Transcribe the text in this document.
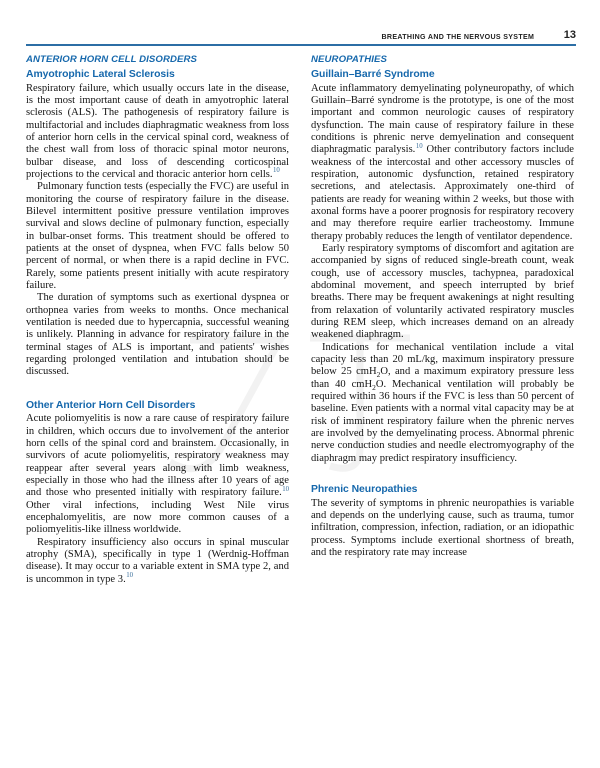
BREATHING AND THE NERVOUS SYSTEM	13
ANTERIOR HORN CELL DISORDERS
Amyotrophic Lateral Sclerosis

Respiratory failure, which usually occurs late in the disease, is the most important cause of death in amyotrophic lateral sclerosis (ALS). The pathogenesis of respiratory failure is multifactorial and includes diaphragmatic weakness from loss of anterior horn cells in the cervical spinal cord, weakness of the chest wall from loss of thoracic spinal motor neurons, bulbar disease, and loss of descending corticospinal projections to the cervical and thoracic anterior horn cells.$^{10}$

Pulmonary function tests (especially the FVC) are useful in monitoring the course of respiratory failure in the disease. Bilevel intermittent positive pressure ventilation improves survival and slows decline of pulmonary function, especially in bulbar-onset forms. This treatment should be offered to patients at the onset of dyspnea, when FVC falls below 50 percent of normal, or when there is a rapid decline in FVC. Rarely, some patients present initially with acute respiratory failure.

The duration of symptoms such as exertional dyspnea or orthopnea varies from weeks to months. Once mechanical ventilation is needed due to hypercapnia, successful weaning is unlikely. Planning in advance for respiratory failure in the terminal stages of ALS is important, and patients' wishes regarding prolonged ventilation and intubation should be discussed.

Other Anterior Horn Cell Disorders

Acute poliomyelitis is now a rare cause of respiratory failure in children, which occurs due to involvement of the anterior horn cells of the spinal cord and brainstem. Occasionally, in survivors of acute poliomyelitis, respiratory weakness may reappear after several years along with limb weakness, especially in those who had the illness after 10 years of age and those who presented initially with respiratory failure.$^{10}$ Other viral infections, including West Nile virus encephalomyelitis, are now more common causes of a poliomyelitis-like illness worldwide.

Respiratory insufficiency also occurs in spinal muscular atrophy (SMA), specifically in type 1 (Werdnig-Hoffman disease). It may occur to a variable extent in SMA type 2, and is uncommon in type 3.10

NEUROPATHIES
Guillain–Barré Syndrome

Acute inflammatory demyelinating polyneuropathy, of which Guillain–Barré syndrome is the prototype, is one of the most important and common neurologic causes of respiratory dysfunction. The main cause of respiratory failure in these conditions is phrenic nerve demyelination and consequent diaphragmatic paralysis.$^{10}$ Other contributory factors include weakness of the intercostal and other accessory muscles of respiration, autonomic dysfunction, retained respiratory secretions, and atelectasis. Approximately one-third of patients are ready for weaning within 2 weeks, but those with axonal forms have a poorer prognosis for respiratory recovery and may therefore require earlier tracheostomy. Immune therapy probably reduces the length of ventilator dependence.

Early respiratory symptoms of discomfort and agitation are accompanied by signs of reduced single-breath count, weak cough, use of accessory muscles, tachypnea, paradoxical abdominal movement, and speech interrupted by brief breaths. There may be frequent awakenings at night resulting from relaxation of voluntarily activated respiratory muscles during REM sleep, which increases demand on an already weakened diaphragm.

Indications for mechanical ventilation include a vital capacity less than 20 mL/kg, maximum inspiratory pressure below 25 cmH$_2$O, and a maximum expiratory pressure less than 40 cmH$_2$O. Mechanical ventilation will probably be required within 36 hours if the FVC is less than 50 percent of baseline. Even patients with a normal vital capacity may be at risk of imminent respiratory failure when the phrenic nerves are involved by the demyelinating process. Abnormal phrenic nerve conduction studies and needle electromyography of the diaphragm may predict respiratory insufficiency.

Phrenic Neuropathies

The severity of symptoms in phrenic neuropathies is variable and depends on the underlying cause, such as trauma, tumor infiltration, compression, infection, radiation, or an idiopathic process. Symptoms include exertional shortness of breath, and the respiratory rate may increase
